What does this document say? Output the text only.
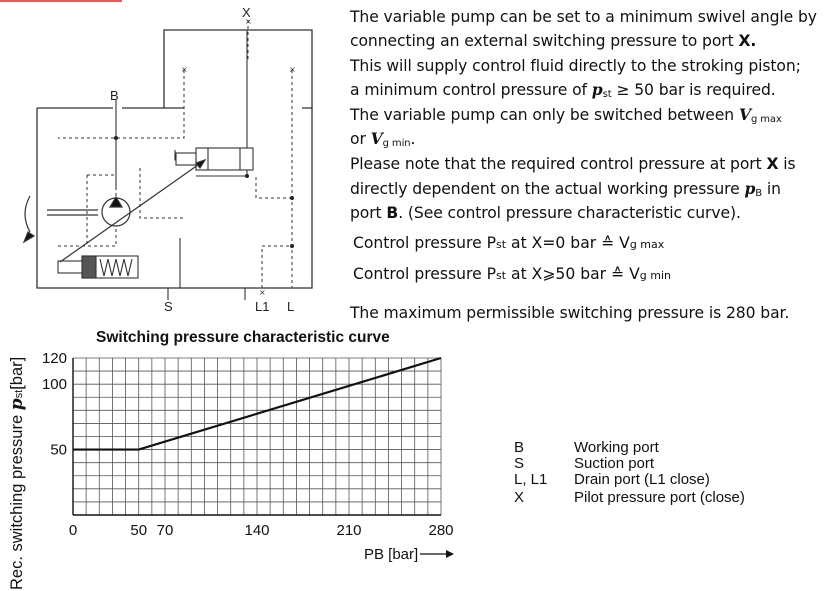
×
×	×
×
X
B
S	L1 L
The variable pump can be set to a minimum swivel angle by
connecting an external switching pressure to port X.
This will supply control fluid directly to the stroking piston;
a minimum control pressure of pst ≥ 50 bar is required.
The variable pump can only be switched between Vg max
or Vg min.
Please note that the required control pressure at port X is
directly dependent on the actual working pressure pB in
port B. (See control pressure characteristic curve).
Control pressure Pst at X=0 bar ≙ Vg max
Control pressure Pst at X⩾50 bar ≙ Vg min
The maximum permissible switching pressure is 280 bar.
Switching pressure characteristic curve
0	50 70	140	210	280
50
100
120
Rec. switching pressure pst[bar]
PB [bar]
B	Working port
S	Suction port
L, L1 Drain port (L1 close)
X	Pilot pressure port (close)
